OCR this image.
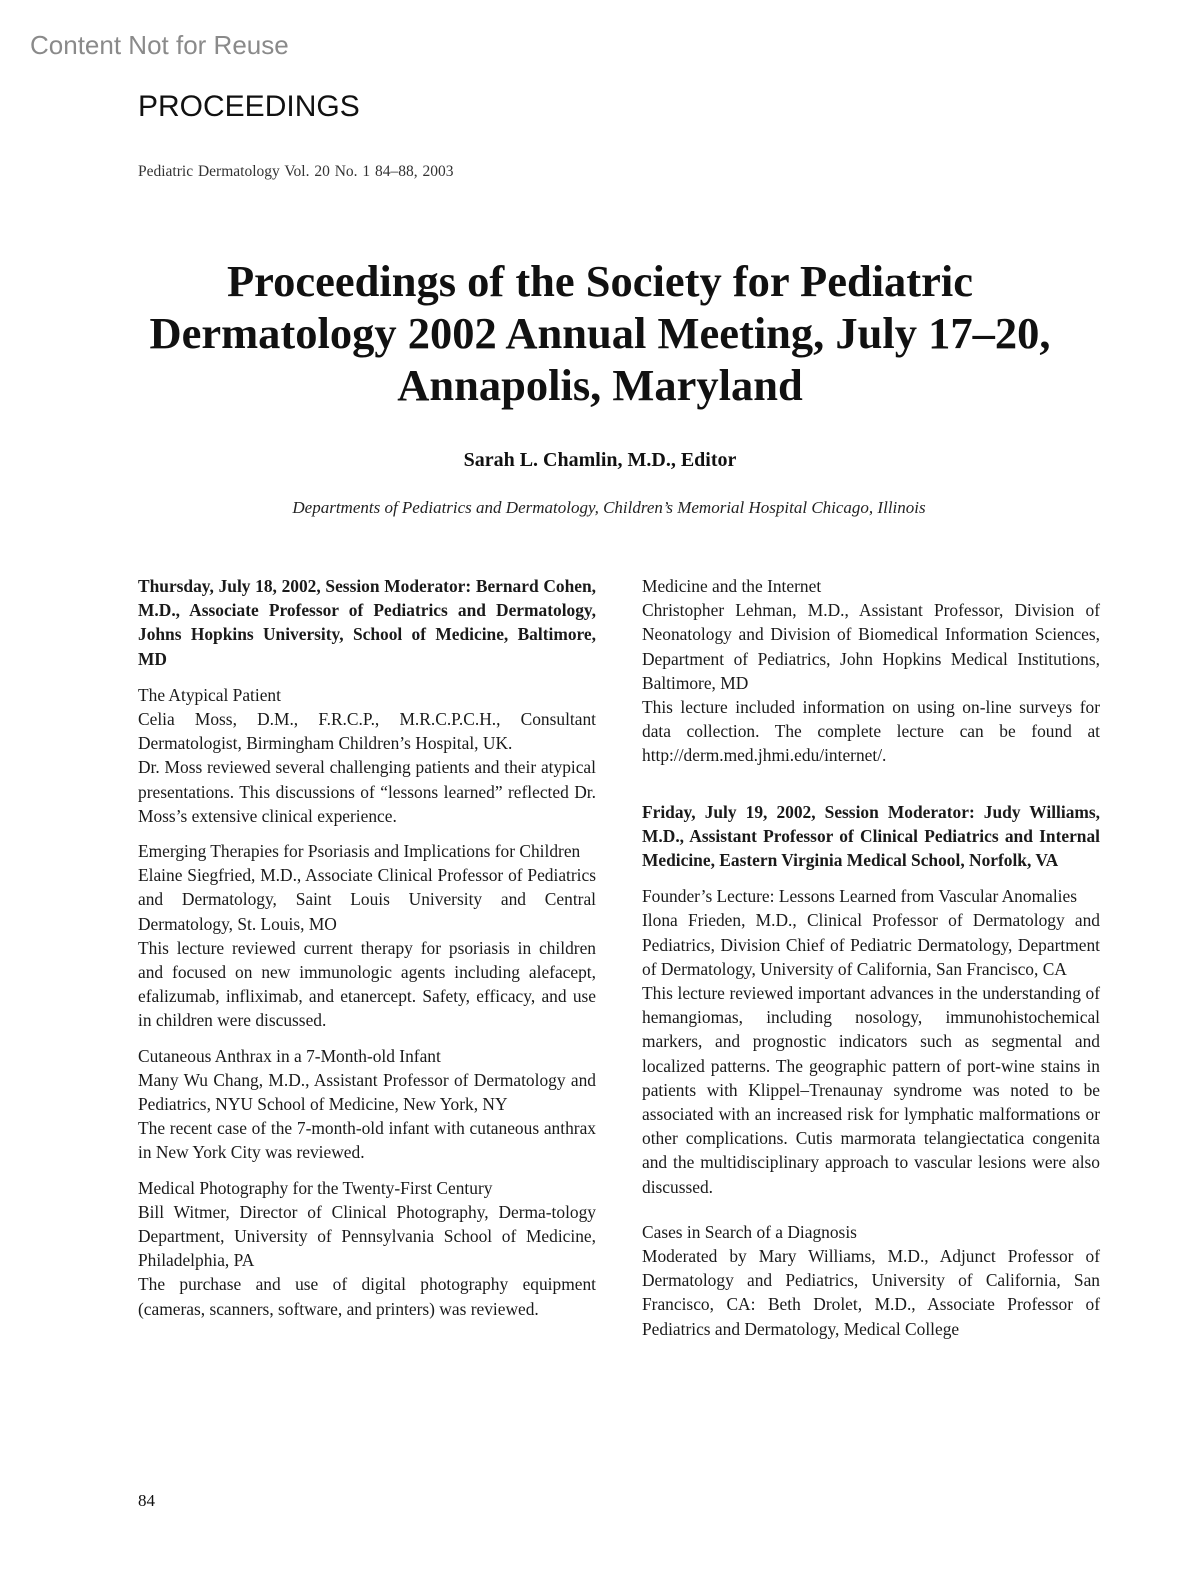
Content Not for Reuse
PROCEEDINGS
Pediatric Dermatology Vol. 20 No. 1 84–88, 2003
Proceedings of the Society for Pediatric
Dermatology 2002 Annual Meeting, July 17–20,
Annapolis, Maryland
Sarah L. Chamlin, M.D., Editor
Departments of Pediatrics and Dermatology, Children’s Memorial Hospital Chicago, Illinois

Thursday, July 18, 2002, Session Moderator: Bernard Cohen, M.D., Associate Professor of Pediatrics and Dermatology, Johns Hopkins University, School of Medicine, Baltimore, MD

The Atypical Patient

Celia Moss, D.M., F.R.C.P., M.R.C.P.C.H., Consultant Dermatologist, Birmingham Children’s Hospital, UK.

Dr. Moss reviewed several challenging patients and their atypical presentations. This discussions of “lessons learned” reflected Dr. Moss’s extensive clinical experience.

Emerging Therapies for Psoriasis and Implications for Children

Elaine Siegfried, M.D., Associate Clinical Professor of Pediatrics and Dermatology, Saint Louis University and Central Dermatology, St. Louis, MO

This lecture reviewed current therapy for psoriasis in children and focused on new immunologic agents including alefacept, efalizumab, infliximab, and etanercept. Safety, efficacy, and use in children were discussed.

Cutaneous Anthrax in a 7-Month-old Infant

Many Wu Chang, M.D., Assistant Professor of Dermatology and Pediatrics, NYU School of Medicine, New York, NY

The recent case of the 7-month-old infant with cutaneous anthrax in New York City was reviewed.

Medical Photography for the Twenty-First Century

Bill Witmer, Director of Clinical Photography, Derma-tology Department, University of Pennsylvania School of Medicine, Philadelphia, PA

The purchase and use of digital photography equipment (cameras, scanners, software, and printers) was reviewed.

Medicine and the Internet

Christopher Lehman, M.D., Assistant Professor, Division of Neonatology and Division of Biomedical Information Sciences, Department of Pediatrics, John Hopkins Medical Institutions, Baltimore, MD

This lecture included information on using on-line surveys for data collection. The complete lecture can be found at http://derm.med.jhmi.edu/internet/.

Friday, July 19, 2002, Session Moderator: Judy Williams, M.D., Assistant Professor of Clinical Pediatrics and Internal Medicine, Eastern Virginia Medical School, Norfolk, VA

Founder’s Lecture: Lessons Learned from Vascular Anomalies

Ilona Frieden, M.D., Clinical Professor of Dermatology and Pediatrics, Division Chief of Pediatric Dermatology, Department of Dermatology, University of California, San Francisco, CA

This lecture reviewed important advances in the understanding of hemangiomas, including nosology, immunohistochemical markers, and prognostic indicators such as segmental and localized patterns. The geographic pattern of port-wine stains in patients with Klippel–Trenaunay syndrome was noted to be associated with an increased risk for lymphatic malformations or other complications. Cutis marmorata telangiectatica congenita and the multidisciplinary approach to vascular lesions were also discussed.

Cases in Search of a Diagnosis

Moderated by Mary Williams, M.D., Adjunct Professor of Dermatology and Pediatrics, University of California, San Francisco, CA: Beth Drolet, M.D., Associate Professor of Pediatrics and Dermatology, Medical College

84
